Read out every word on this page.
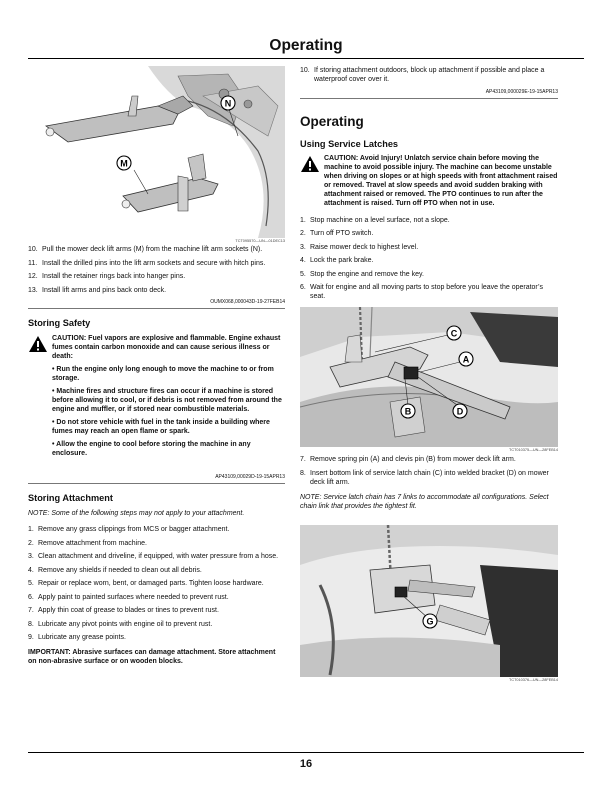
Operating
N
M
TCT095570—UN—01DEC13
10. Pull the mower deck lift arms (M) from the machine lift arm sockets (N).
11. Install the drilled pins into the lift arm sockets and secure with hitch pins.
12. Install the retainer rings back into hanger pins.
13. Install lift arms and pins back onto deck.
OUMX068,000043D-19-27FEB14
Storing Safety
CAUTION: Fuel vapors are explosive and flammable. Engine exhaust fumes contain carbon monoxide and can cause serious illness or death:
• Run the engine only long enough to move the machine to or from storage.
• Machine fires and structure fires can occur if a machine is stored before allowing it to cool, or if debris is not removed from around the engine and muffler, or if stored near combustible materials.
• Do not store vehicle with fuel in the tank inside a building where fumes may reach an open flame or spark.
• Allow the engine to cool before storing the machine in any enclosure.
AP43109,00029D-19-15APR13
Storing Attachment
NOTE: Some of the following steps may not apply to your attachment.
1. Remove any grass clippings from MCS or bagger attachment.
2. Remove attachment from machine.
3. Clean attachment and driveline, if equipped, with water pressure from a hose.
4. Remove any shields if needed to clean out all debris.
5. Repair or replace worn, bent, or damaged parts. Tighten loose hardware.
6. Apply paint to painted surfaces where needed to prevent rust.
7. Apply thin coat of grease to blades or tines to prevent rust.
8. Lubricate any pivot points with engine oil to prevent rust.
9. Lubricate any grease points.
IMPORTANT: Abrasive surfaces can damage attachment. Store attachment on non-abrasive surface or on wooden blocks.
10. If storing attachment outdoors, block up attachment if possible and place a waterproof cover over it.
AP43109,000029E-19-15APR13
Operating
Using Service Latches
CAUTION: Avoid Injury! Unlatch service chain before moving the machine to avoid possible injury. The machine can become unstable when driving on slopes or at high speeds with front attachment raised or removed. Travel at slow speeds and avoid sudden braking with attachment raised or removed. The PTO continues to run after the attachment is raised. Turn off PTO when not in use.
1. Stop machine on a level surface, not a slope.
2. Turn off PTO switch.
3. Raise mower deck to highest level.
4. Lock the park brake.
5. Stop the engine and remove the key.
6. Wait for engine and all moving parts to stop before you leave the operator’s seat.
C
A
B	D
TCT010375—UN—28FEB14
7. Remove spring pin (A) and clevis pin (B) from mower deck lift arm.
8. Insert bottom link of service latch chain (C) into welded bracket (D) on mower deck lift arm.
NOTE: Service latch chain has 7 links to accommodate all configurations. Select chain link that provides the tightest fit.
G
TCT010376—UN—28FEB14
16
